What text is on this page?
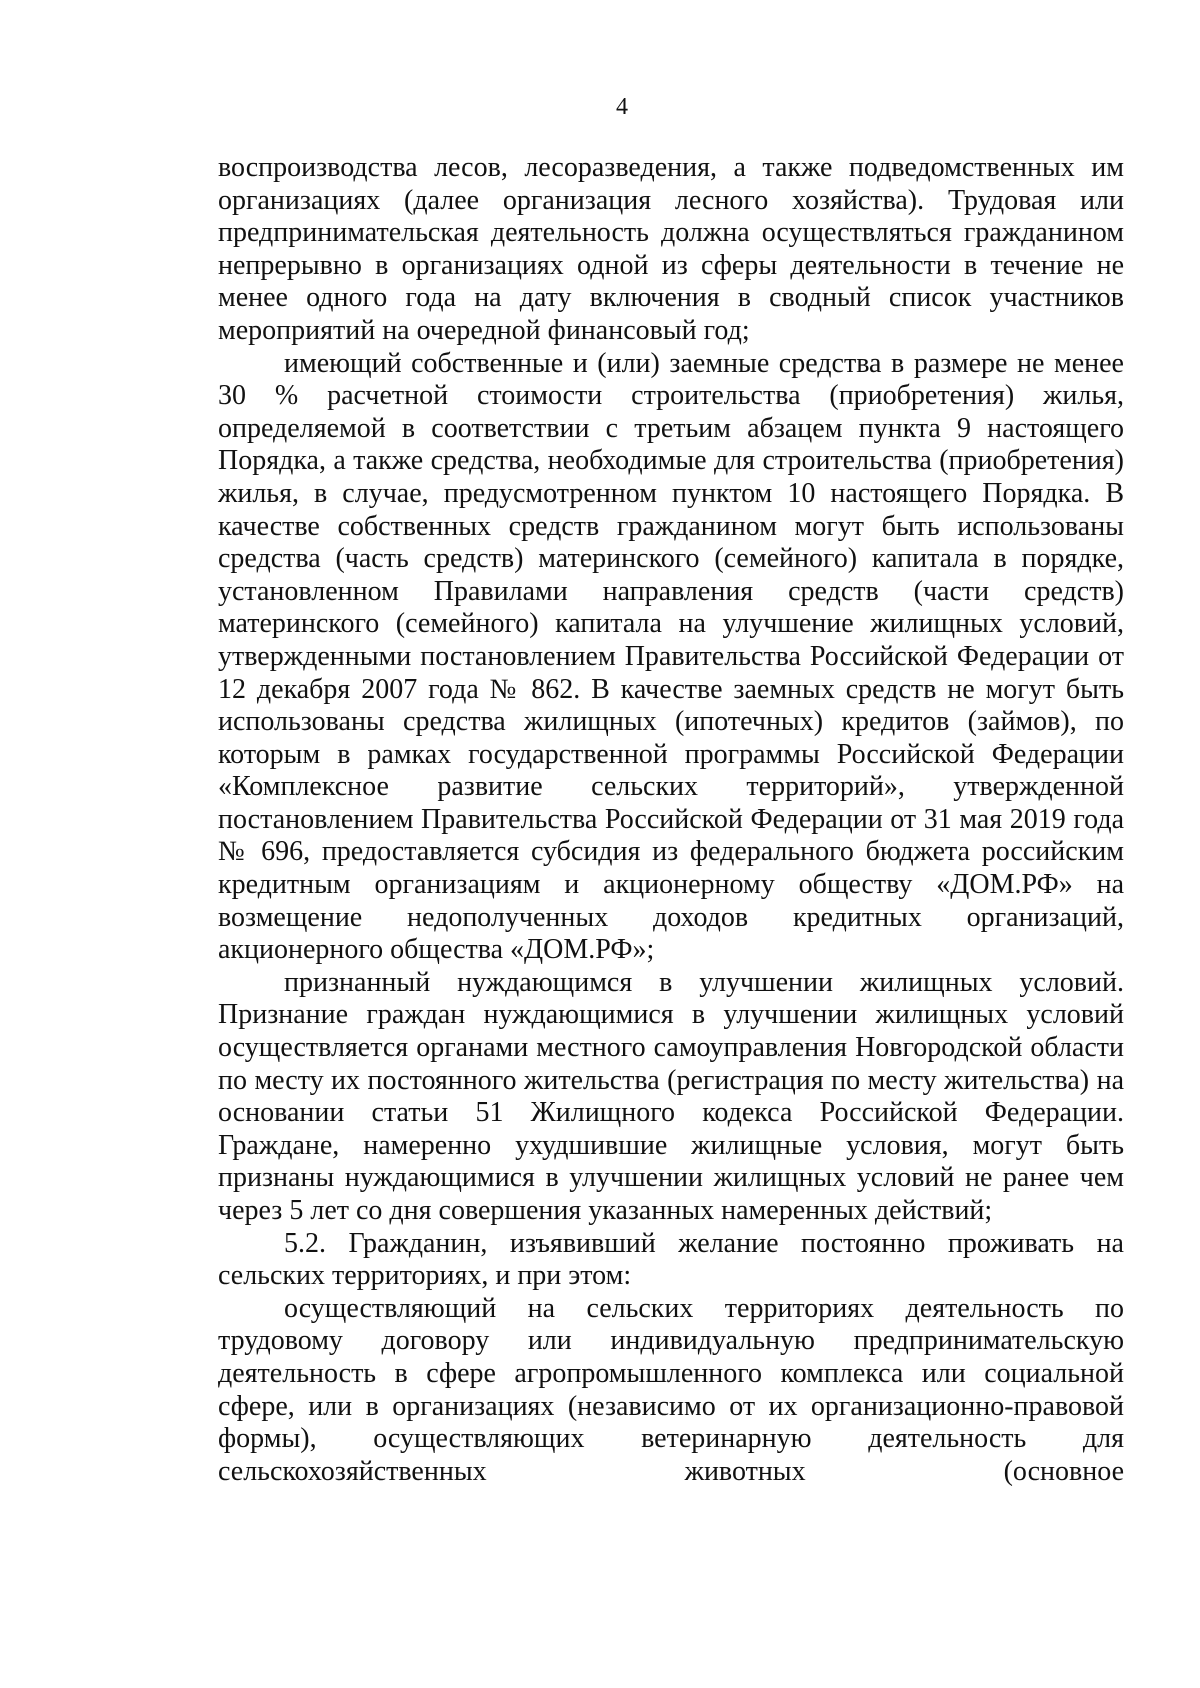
4

воспроизводства лесов, лесоразведения, а также подведомственных им организациях (далее организация лесного хозяйства). Трудовая или предпринимательская деятельность должна осуществляться гражданином непрерывно в организациях одной из сферы деятельности в течение не менее одного года на дату включения в сводный список участников мероприятий на очередной финансовый год;

имеющий собственные и (или) заемные средства в размере не менее 30 % расчетной стоимости строительства (приобретения) жилья, определяемой в соответствии с третьим абзацем пункта 9 настоящего Порядка, а также средства, необходимые для строительства (приобретения) жилья, в случае, предусмотренном пунктом 10 настоящего Порядка. В качестве собственных средств гражданином могут быть использованы средства (часть средств) материнского (семейного) капитала в порядке, установленном Правилами направления средств (части средств) материнского (семейного) капитала на улучшение жилищных условий, утвержденными постановлением Правительства Российской Федерации от 12 декабря 2007 года № 862. В качестве заемных средств не могут быть использованы средства жилищных (ипотечных) кредитов (займов), по которым в рамках государственной программы Российской Федерации «Комплексное развитие сельских территорий», утвержденной постановлением Правительства Российской Федерации от 31 мая 2019 года № 696, предоставляется субсидия из федерального бюджета российским кредитным организациям и акционерному обществу «ДОМ.РФ» на возмещение недополученных доходов кредитных организаций, акционерного общества «ДОМ.РФ»;

признанный нуждающимся в улучшении жилищных условий. Признание граждан нуждающимися в улучшении жилищных условий осуществляется органами местного самоуправления Новгородской области по месту их постоянного жительства (регистрация по месту жительства) на основании статьи 51 Жилищного кодекса Российской Федерации. Граждане, намеренно ухудшившие жилищные условия, могут быть признаны нуждающимися в улучшении жилищных условий не ранее чем через 5 лет со дня совершения указанных намеренных действий;

5.2. Гражданин, изъявивший желание постоянно проживать на сельских территориях, и при этом:

осуществляющий на сельских территориях деятельность по трудовому договору или индивидуальную предпринимательскую деятельность в сфере агропромышленного комплекса или социальной сфере, или в организациях (независимо от их организационно-правовой формы), осуществляющих ветеринарную деятельность для сельскохозяйственных животных (основное
